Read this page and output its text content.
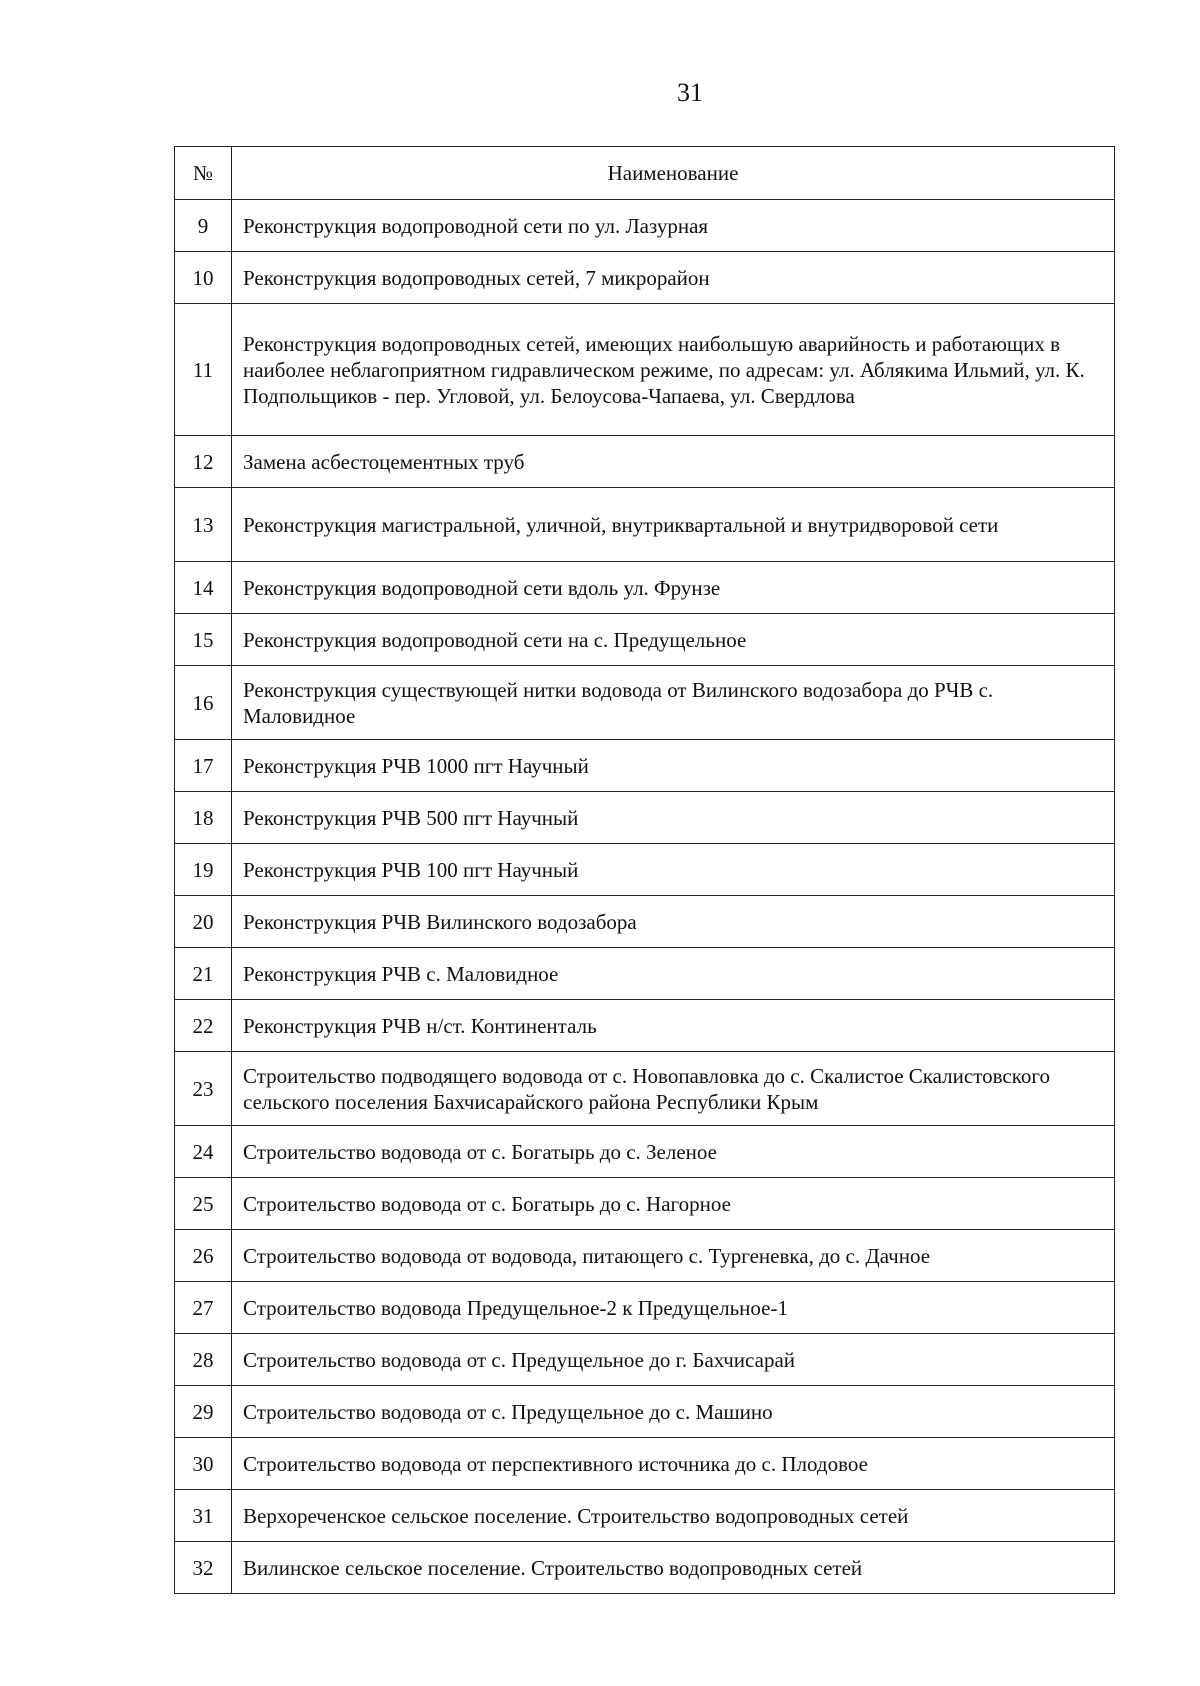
31
№	Наименование
9	Реконструкция водопроводной сети по ул. Лазурная
10	Реконструкция водопроводных сетей, 7 микрорайон
11	Реконструкция водопроводных сетей, имеющих наибольшую аварийность и работающих в наиболее неблагоприятном гидравлическом режиме, по адресам: ул. Аблякима Ильмий, ул. К. Подпольщиков - пер. Угловой, ул. Белоусова-Чапаева, ул. Свердлова
12	Замена асбестоцементных труб
13	Реконструкция магистральной, уличной, внутриквартальной и внутридворовой сети
14	Реконструкция водопроводной сети вдоль ул. Фрунзе
15	Реконструкция водопроводной сети на с. Предущельное
16	Реконструкция существующей нитки водовода от Вилинского водозабора до РЧВ с. Маловидное
17	Реконструкция РЧВ 1000 пгт Научный
18	Реконструкция РЧВ 500 пгт Научный
19	Реконструкция РЧВ 100 пгт Научный
20	Реконструкция РЧВ Вилинского водозабора
21	Реконструкция РЧВ с. Маловидное
22	Реконструкция РЧВ н/ст. Континенталь
23	Строительство подводящего водовода от с. Новопавловка до с. Скалистое Скалистовского сельского поселения Бахчисарайского района Республики Крым
24	Строительство водовода от с. Богатырь до с. Зеленое
25	Строительство водовода от с. Богатырь до с. Нагорное
26	Строительство водовода от водовода, питающего с. Тургеневка, до с. Дачное
27	Строительство водовода Предущельное-2 к Предущельное-1
28	Строительство водовода от с. Предущельное до г. Бахчисарай
29	Строительство водовода от с. Предущельное до с. Машино
30	Строительство водовода от перспективного источника до с. Плодовое
31	Верхореченское сельское поселение. Строительство водопроводных сетей
32	Вилинское сельское поселение. Строительство водопроводных сетей
